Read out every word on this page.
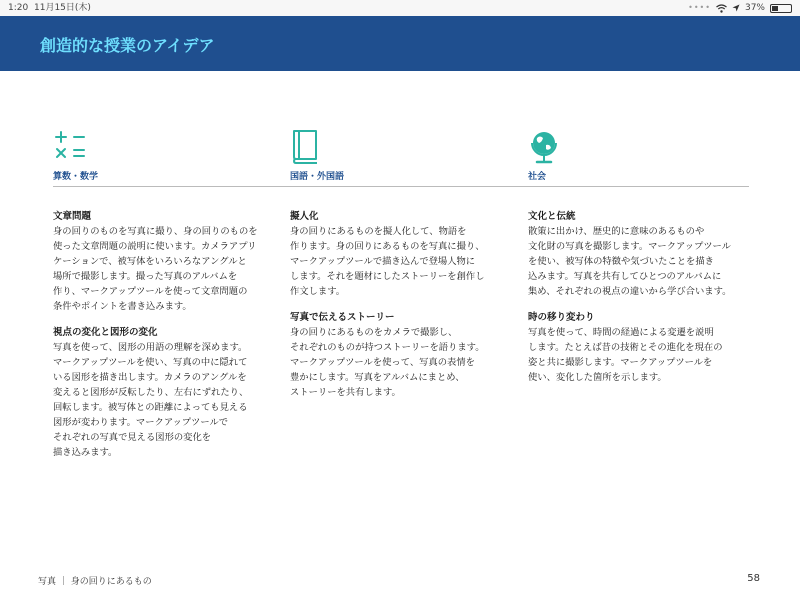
1:20 11月15日(木)	••••	37%
創造的な授業のアイデア
算数・数学
文章問題
身の回りのものを写真に撮り、身の回りのものを
使った文章問題の説明に使います。カメラアプリ
ケーションで、被写体をいろいろなアングルと
場所で撮影します。撮った写真のアルバムを
作り、マークアップツールを使って文章問題の
条件やポイントを書き込みます。
視点の変化と図形の変化
写真を使って、図形の用語の理解を深めます。
マークアップツールを使い、写真の中に隠れて
いる図形を描き出します。カメラのアングルを
変えると図形が反転したり、左右にずれたり、
回転します。被写体との距離によっても見える
図形が変わります。マークアップツールで
それぞれの写真で見える図形の変化を
描き込みます。
国語・外国語
擬人化
身の回りにあるものを擬人化して、物語を
作ります。身の回りにあるものを写真に撮り、
マークアップツールで描き込んで登場人物に
します。それを題材にしたストーリーを創作し
作文します。
写真で伝えるストーリー
身の回りにあるものをカメラで撮影し、
それぞれのものが持つストーリーを語ります。
マークアップツールを使って、写真の表情を
豊かにします。写真をアルバムにまとめ、
ストーリーを共有します。
社会
文化と伝統
散策に出かけ、歴史的に意味のあるものや
文化財の写真を撮影します。マークアップツール
を使い、被写体の特徴や気づいたことを描き
込みます。写真を共有してひとつのアルバムに
集め、それぞれの視点の違いから学び合います。
時の移り変わり
写真を使って、時間の経過による変遷を説明
します。たとえば昔の技術とその進化を現在の
姿と共に撮影します。マークアップツールを
使い、変化した箇所を示します。
写真 ｜ 身の回りにあるもの	58
